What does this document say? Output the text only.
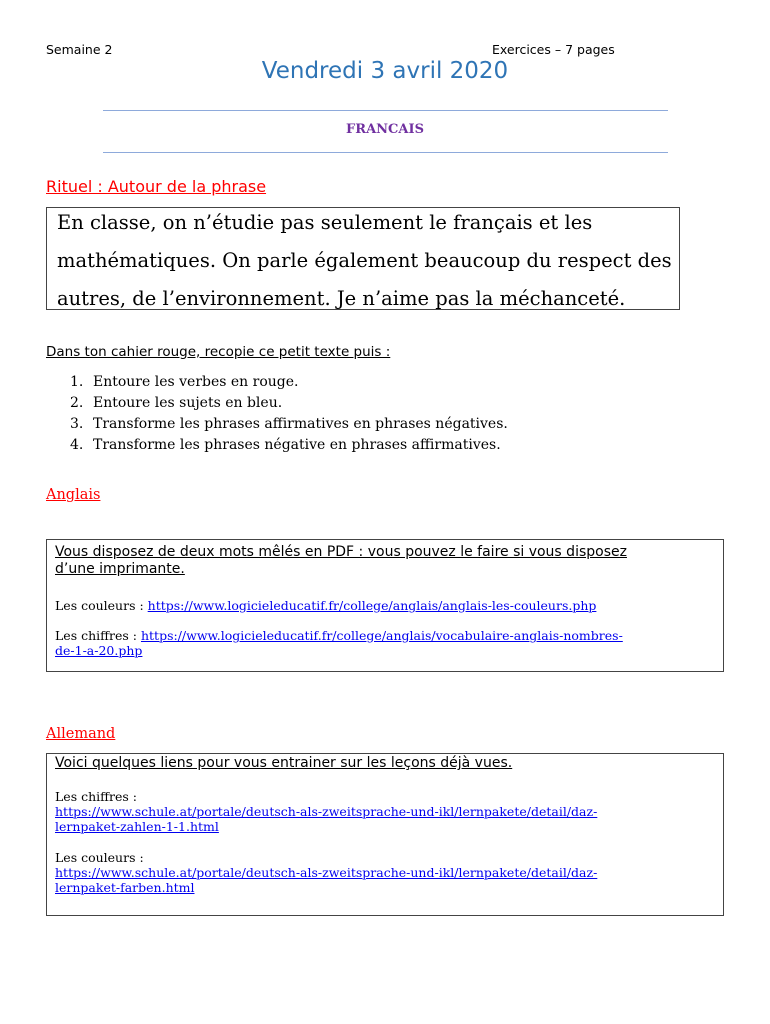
Semaine 2	Exercices – 7 pages
Vendredi 3 avril 2020
FRANCAIS
Rituel : Autour de la phrase
En classe, on n’étudie pas seulement le français et les
mathématiques. On parle également beaucoup du respect des
autres, de l’environnement. Je n’aime pas la méchanceté.
Dans ton cahier rouge, recopie ce petit texte puis :
1. Entoure les verbes en rouge.
2. Entoure les sujets en bleu.
3. Transforme les phrases affirmatives en phrases négatives.
4. Transforme les phrases négative en phrases affirmatives.
Anglais
Vous disposez de deux mots mêlés en PDF : vous pouvez le faire si vous disposez
d’une imprimante.
Les couleurs : https://www.logicieleducatif.fr/college/anglais/anglais-les-couleurs.php
Les chiffres : https://www.logicieleducatif.fr/college/anglais/vocabulaire-anglais-nombres-
de-1-a-20.php
Allemand
Voici quelques liens pour vous entrainer sur les leçons déjà vues.
Les chiffres :
https://www.schule.at/portale/deutsch-als-zweitsprache-und-ikl/lernpakete/detail/daz-
lernpaket-zahlen-1-1.html
Les couleurs :
https://www.schule.at/portale/deutsch-als-zweitsprache-und-ikl/lernpakete/detail/daz-
lernpaket-farben.html
